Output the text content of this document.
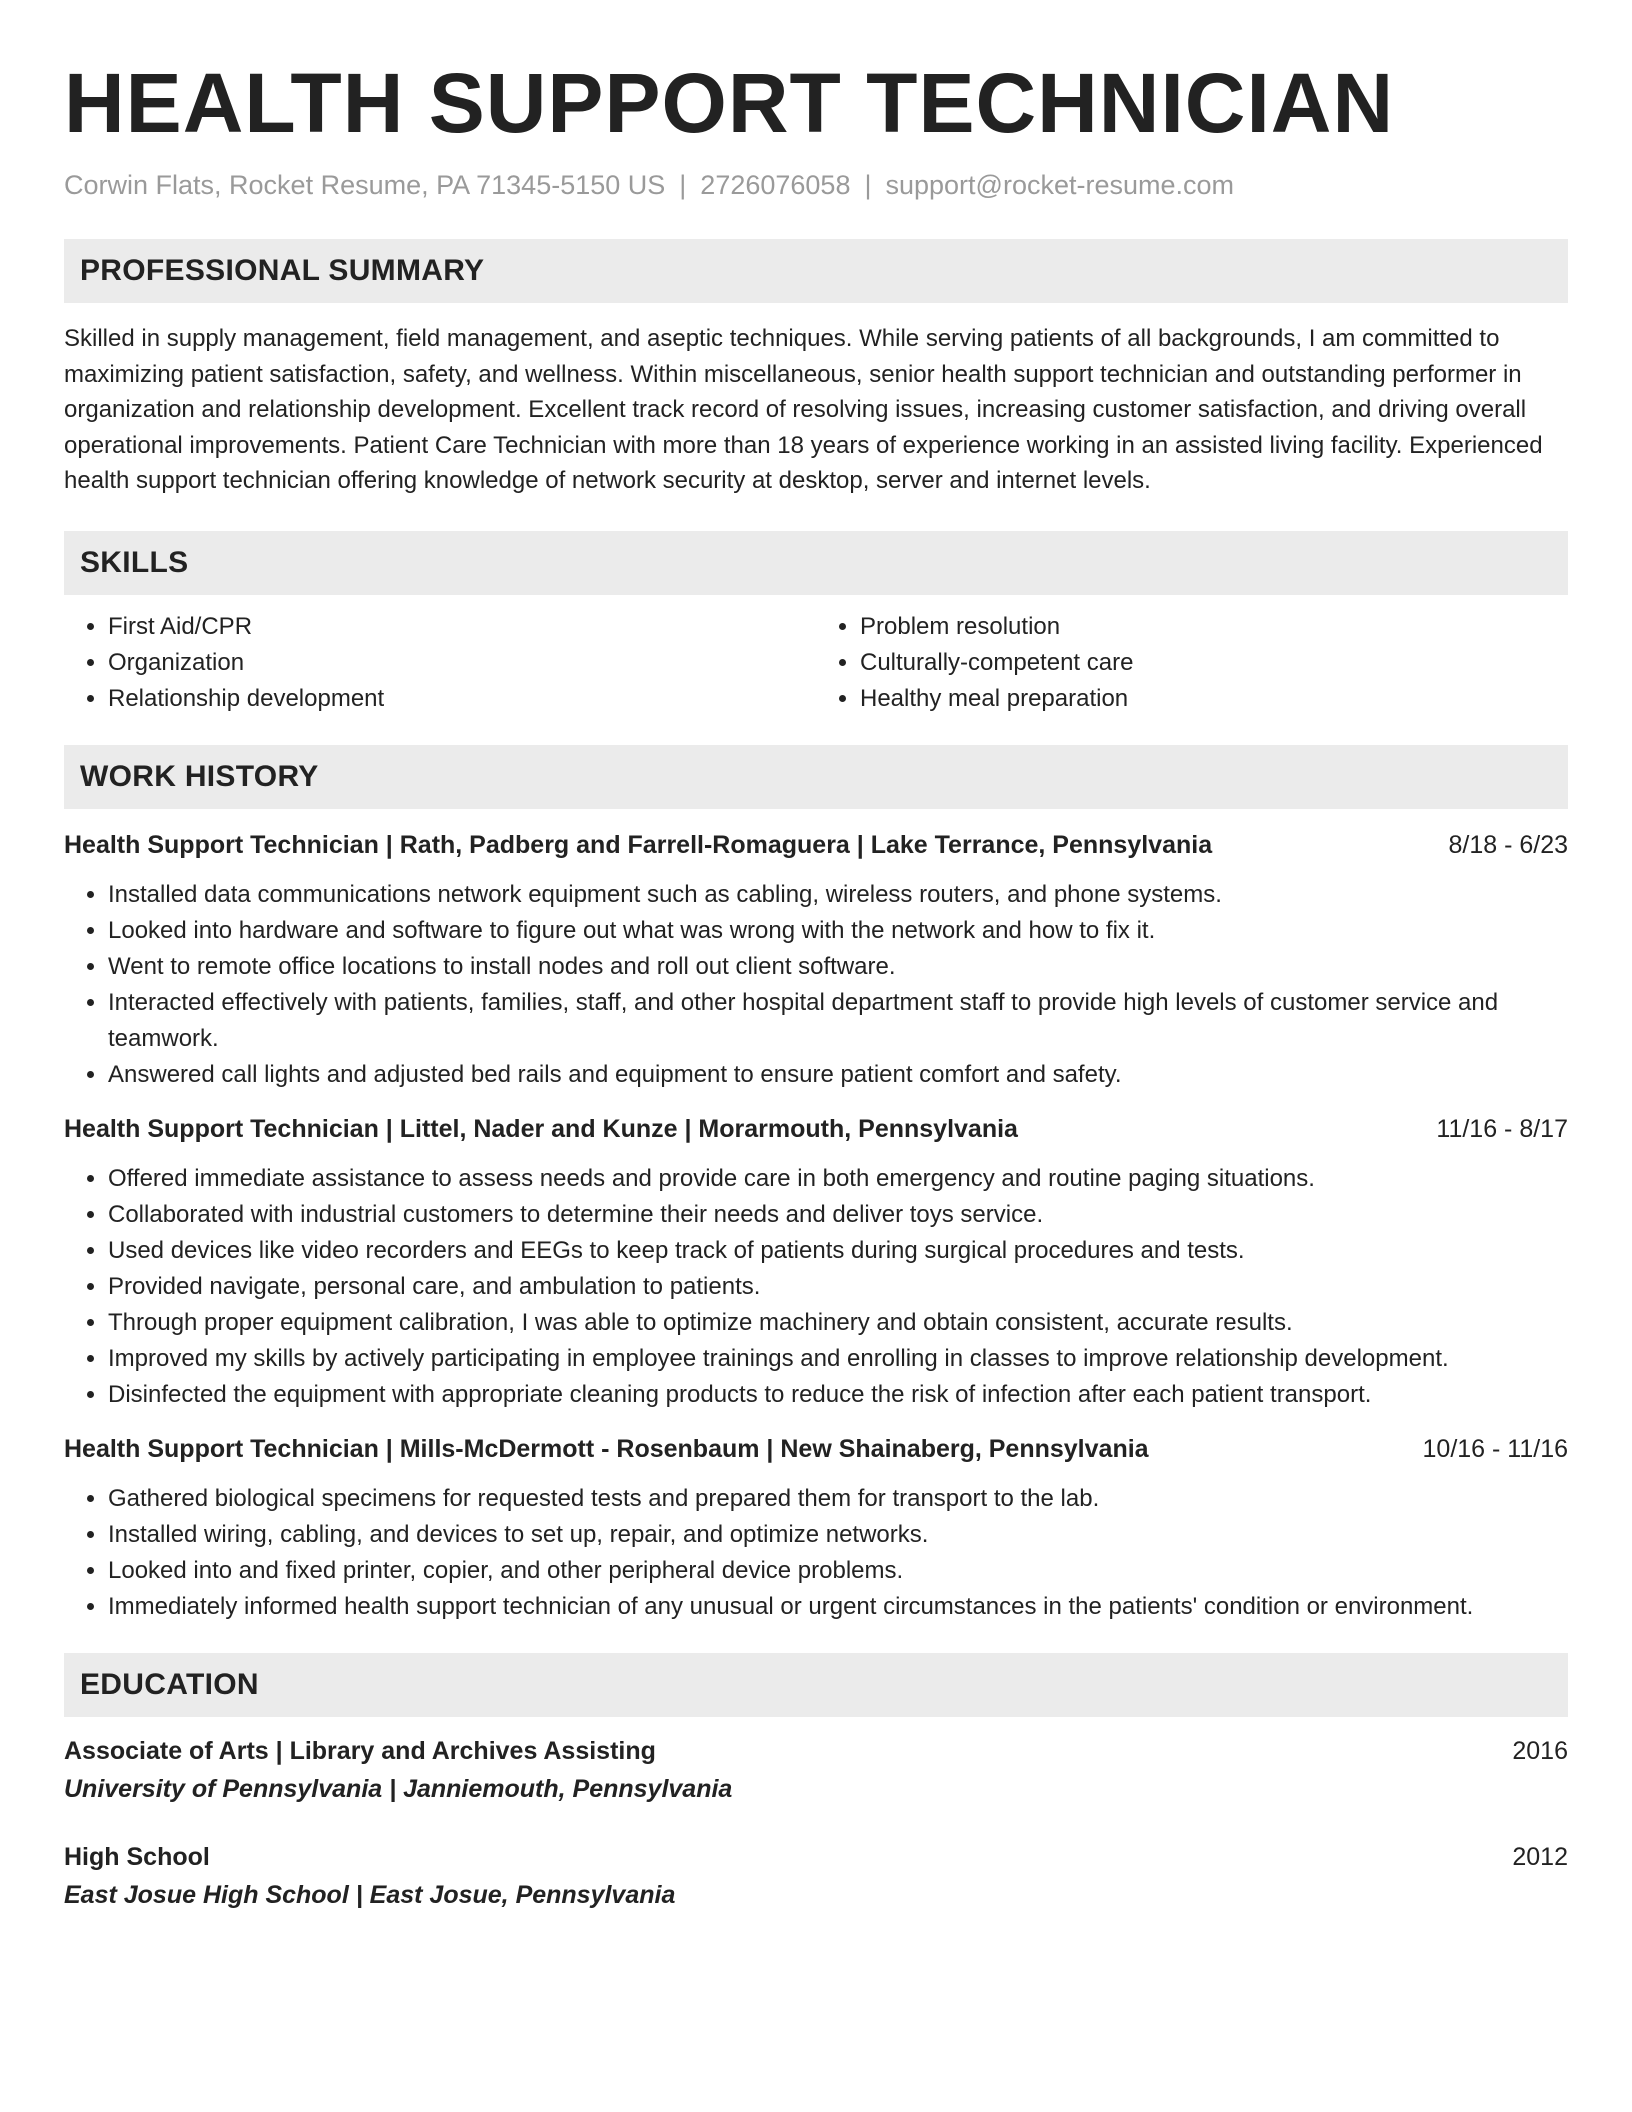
HEALTH SUPPORT TECHNICIAN
Corwin Flats, Rocket Resume, PA 71345-5150 US | 2726076058 | support@rocket-resume.com
PROFESSIONAL SUMMARY
Skilled in supply management, field management, and aseptic techniques. While serving patients of all backgrounds, I am committed to maximizing patient satisfaction, safety, and wellness. Within miscellaneous, senior health support technician and outstanding performer in organization and relationship development. Excellent track record of resolving issues, increasing customer satisfaction, and driving overall operational improvements. Patient Care Technician with more than 18 years of experience working in an assisted living facility. Experienced health support technician offering knowledge of network security at desktop, server and internet levels.
SKILLS
• First Aid/CPR
• Organization
• Relationship development
• Problem resolution
• Culturally-competent care
• Healthy meal preparation
WORK HISTORY
Health Support Technician | Rath, Padberg and Farrell-Romaguera | Lake Terrance, Pennsylvania	8/18 - 6/23
• Installed data communications network equipment such as cabling, wireless routers, and phone systems.
• Looked into hardware and software to figure out what was wrong with the network and how to fix it.
• Went to remote office locations to install nodes and roll out client software.
• Interacted effectively with patients, families, staff, and other hospital department staff to provide high levels of customer service and teamwork.
• Answered call lights and adjusted bed rails and equipment to ensure patient comfort and safety.
Health Support Technician | Littel, Nader and Kunze | Morarmouth, Pennsylvania	11/16 - 8/17
• Offered immediate assistance to assess needs and provide care in both emergency and routine paging situations.
• Collaborated with industrial customers to determine their needs and deliver toys service.
• Used devices like video recorders and EEGs to keep track of patients during surgical procedures and tests.
• Provided navigate, personal care, and ambulation to patients.
• Through proper equipment calibration, I was able to optimize machinery and obtain consistent, accurate results.
• Improved my skills by actively participating in employee trainings and enrolling in classes to improve relationship development.
• Disinfected the equipment with appropriate cleaning products to reduce the risk of infection after each patient transport.
Health Support Technician | Mills-McDermott - Rosenbaum | New Shainaberg, Pennsylvania	10/16 - 11/16
• Gathered biological specimens for requested tests and prepared them for transport to the lab.
• Installed wiring, cabling, and devices to set up, repair, and optimize networks.
• Looked into and fixed printer, copier, and other peripheral device problems.
• Immediately informed health support technician of any unusual or urgent circumstances in the patients' condition or environment.
EDUCATION
Associate of Arts | Library and Archives Assisting	2016
University of Pennsylvania | Janniemouth, Pennsylvania
High School	2012
East Josue High School | East Josue, Pennsylvania
